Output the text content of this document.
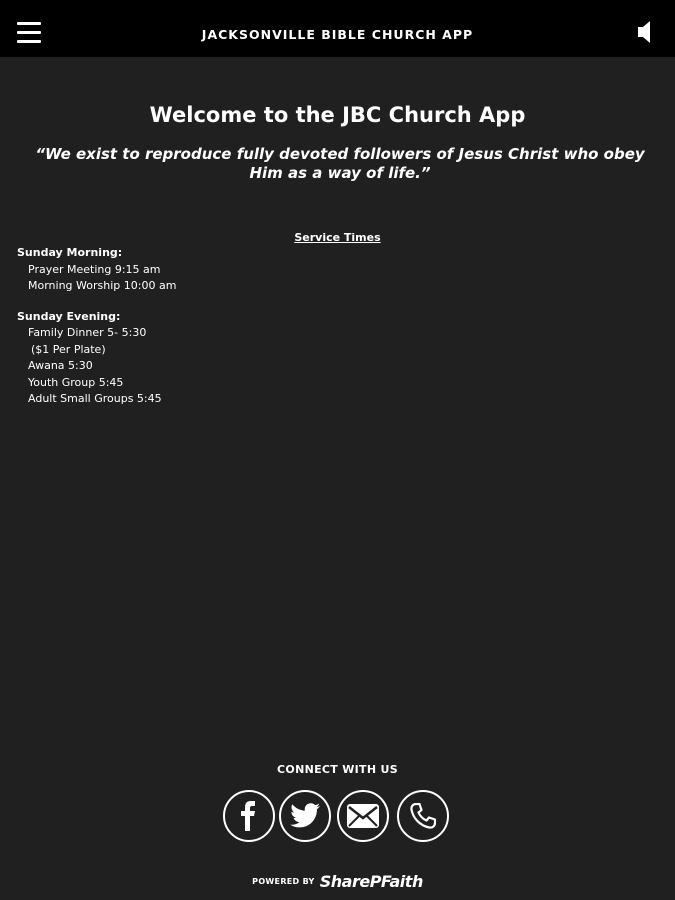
JACKSONVILLE BIBLE CHURCH APP
Welcome to the JBC Church App
“We exist to reproduce fully devoted followers of Jesus Christ who obey Him as a way of life.”
Service Times
Sunday Morning:
Prayer Meeting 9:15 am
Morning Worship 10:00 am
Sunday Evening:
Family Dinner 5- 5:30
($1 Per Plate)
Awana 5:30
Youth Group 5:45
Adult Small Groups 5:45
CONNECT WITH US
POWERED BY SharePFaith
